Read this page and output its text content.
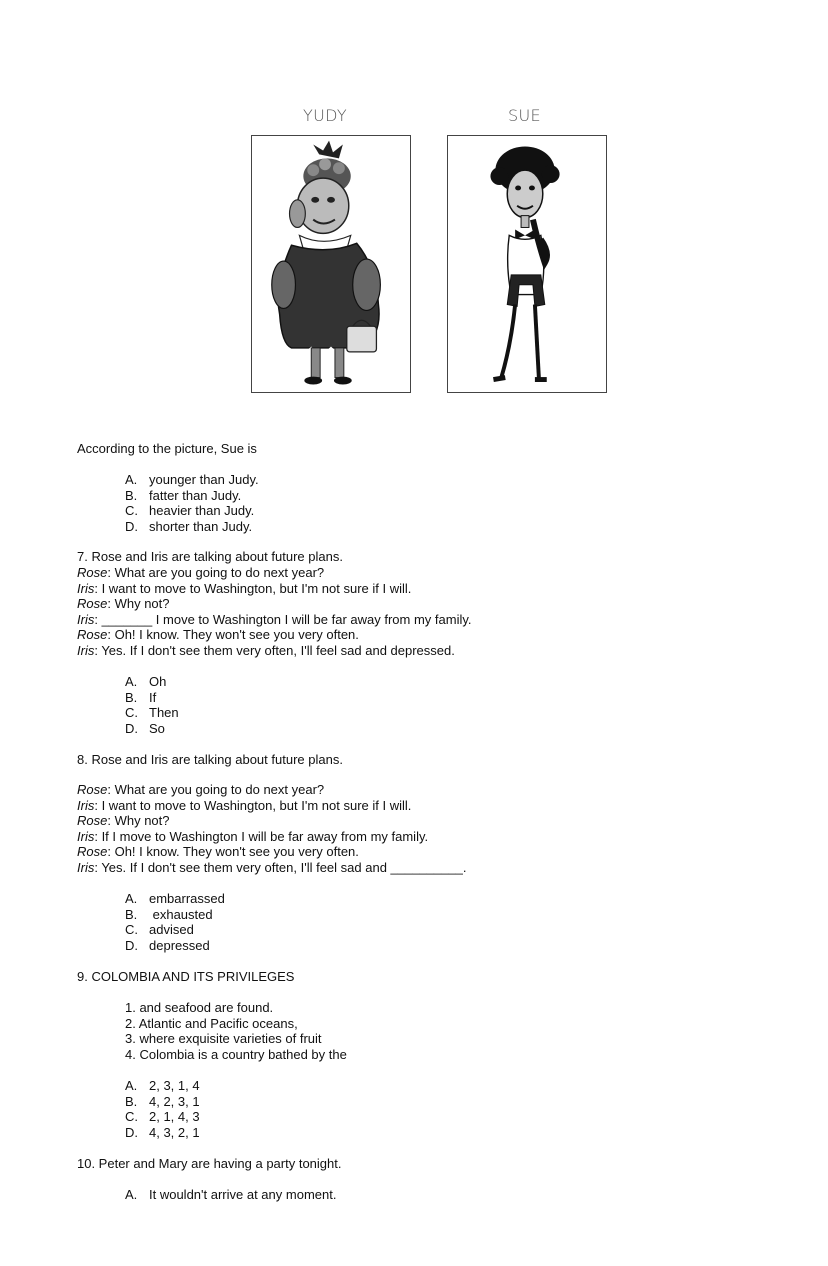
YUDY	SUE
According to the picture, Sue is
A. younger than Judy.
B. fatter than Judy.
C. heavier than Judy.
D. shorter than Judy.
7. Rose and Iris are talking about future plans.
Rose: What are you going to do next year?
Iris: I want to move to Washington, but I'm not sure if I will.
Rose: Why not?
Iris: _______ I move to Washington I will be far away from my family.
Rose: Oh! I know. They won't see you very often.
Iris: Yes. If I don't see them very often, I'll feel sad and depressed.
A. Oh
B. If
C. Then
D. So
8. Rose and Iris are talking about future plans.
Rose: What are you going to do next year?
Iris: I want to move to Washington, but I'm not sure if I will.
Rose: Why not?
Iris: If I move to Washington I will be far away from my family.
Rose: Oh! I know. They won't see you very often.
Iris: Yes. If I don't see them very often, I'll feel sad and __________.
A. embarrassed
B. exhausted
C. advised
D. depressed
9. COLOMBIA AND ITS PRIVILEGES
1. and seafood are found.
2. Atlantic and Pacific oceans,
3. where exquisite varieties of fruit
4. Colombia is a country bathed by the
A. 2, 3, 1, 4
B. 4, 2, 3, 1
C. 2, 1, 4, 3
D. 4, 3, 2, 1
10. Peter and Mary are having a party tonight.
A. It wouldn't arrive at any moment.
